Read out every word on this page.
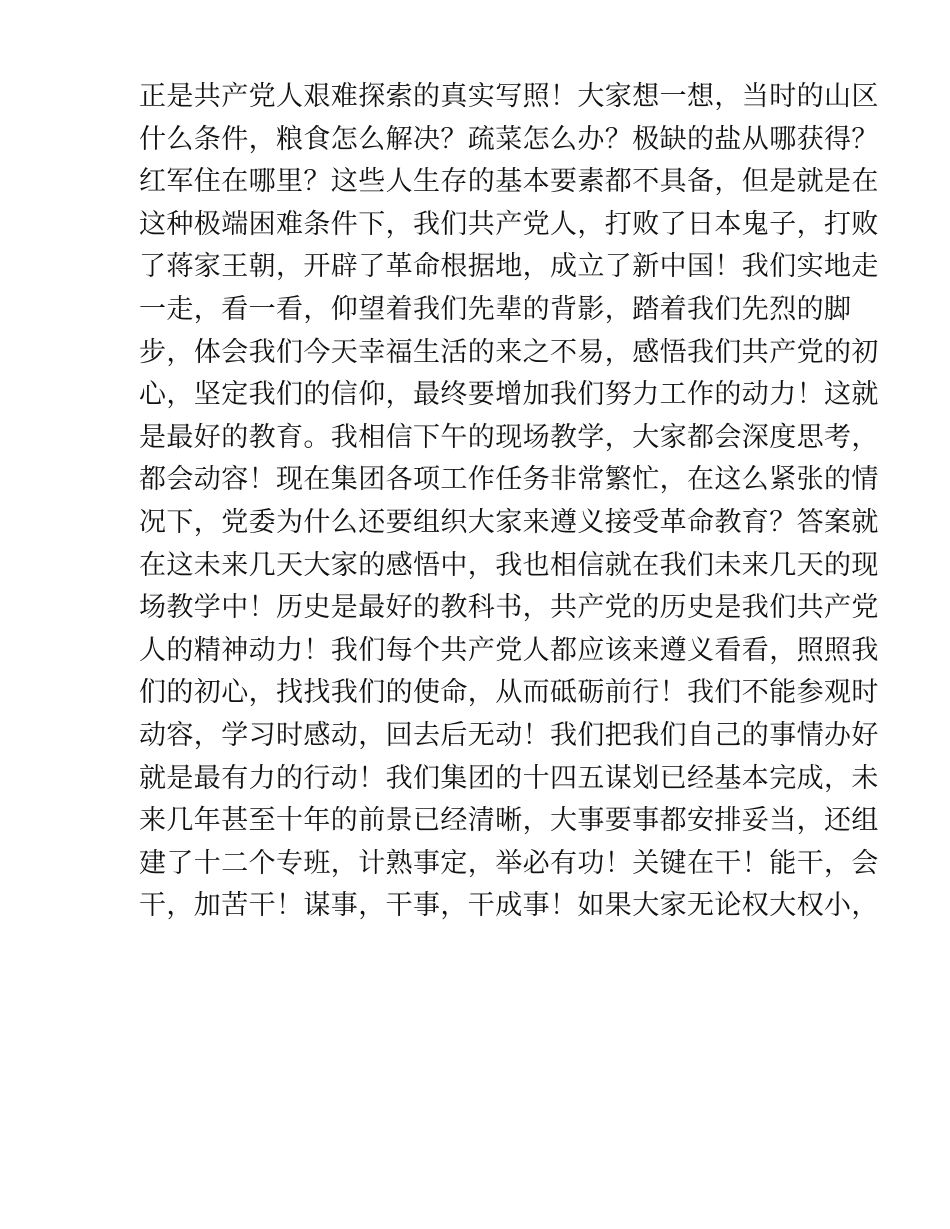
正是共产党人艰难探索的真实写照！大家想一想，当时的山区
什么条件，粮食怎么解决？疏菜怎么办？极缺的盐从哪获得？
红军住在哪里？这些人生存的基本要素都不具备，但是就是在
这种极端困难条件下，我们共产党人，打败了日本鬼子，打败
了蒋家王朝，开辟了革命根据地，成立了新中国！我们实地走
一走，看一看，仰望着我们先辈的背影，踏着我们先烈的脚
步，体会我们今天幸福生活的来之不易，感悟我们共产党的初
心，坚定我们的信仰，最终要增加我们努力工作的动力！这就
是最好的教育。我相信下午的现场教学，大家都会深度思考，
都会动容！现在集团各项工作任务非常繁忙，在这么紧张的情
况下，党委为什么还要组织大家来遵义接受革命教育？答案就
在这未来几天大家的感悟中，我也相信就在我们未来几天的现
场教学中！历史是最好的教科书，共产党的历史是我们共产党
人的精神动力！我们每个共产党人都应该来遵义看看，照照我
们的初心，找找我们的使命，从而砥砺前行！我们不能参观时
动容，学习时感动，回去后无动！我们把我们自己的事情办好
就是最有力的行动！我们集团的十四五谋划已经基本完成，未
来几年甚至十年的前景已经清晰，大事要事都安排妥当，还组
建了十二个专班，计熟事定，举必有功！关键在干！能干，会
干，加苦干！谋事，干事，干成事！如果大家无论权大权小，
